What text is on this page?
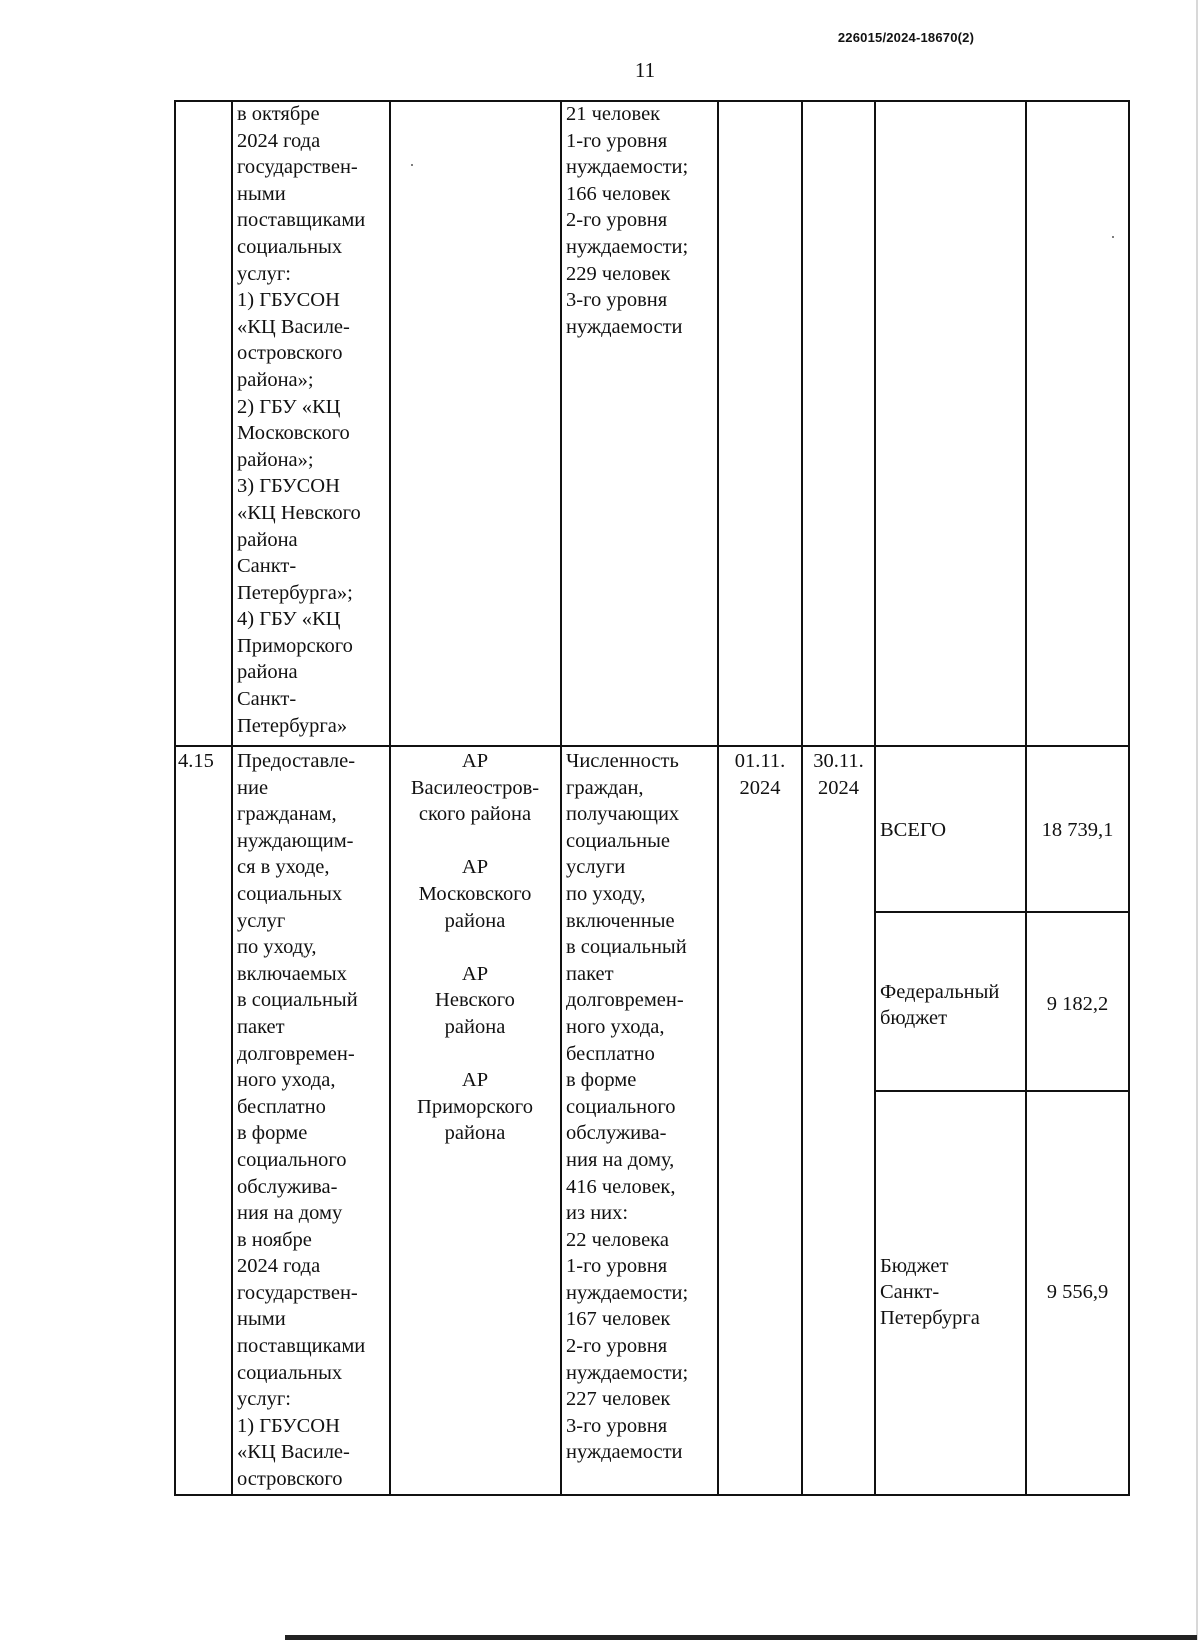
226015/2024-18670(2)
11
в октябре
2024 года
государствен-
ными
поставщиками
социальных
услуг:
1) ГБУСОН
«КЦ Василе-
островского
района»;
2) ГБУ «КЦ
Московского
района»;
3) ГБУСОН
«КЦ Невского
района
Санкт-
Петербурга»;
4) ГБУ «КЦ
Приморского
района
Санкт-
Петербурга»
21 человек
1-го уровня
нуждаемости;
166 человек
2-го уровня
нуждаемости;
229 человек
3-го уровня
нуждаемости
4.15 Предоставле-
ние
гражданам,
нуждающим-
ся в уходе,
социальных
услуг
по уходу,
включаемых
в социальный
пакет
долговремен-
ного ухода,
бесплатно
в форме
социального
обслужива-
ния на дому
в ноябре
2024 года
государствен-
ными
поставщиками
социальных
услуг:
1) ГБУСОН
«КЦ Василе-
островского
АР
Василеостров-
ского района

АР
Московского
района

АР
Невского
района

АР
Приморского
района
Численность
граждан,
получающих
социальные
услуги
по уходу,
включенные
в социальный
пакет
долговремен-
ного ухода,
бесплатно
в форме
социального
обслужива-
ния на дому,
416 человек,
из них:
22 человека
1-го уровня
нуждаемости;
167 человек
2-го уровня
нуждаемости;
227 человек
3-го уровня
нуждаемости
01.11.
2024
30.11.
2024
ВСЕГО	18 739,1
Федеральный
бюджет
9 182,2
Бюджет
Санкт-
Петербурга
9 556,9
